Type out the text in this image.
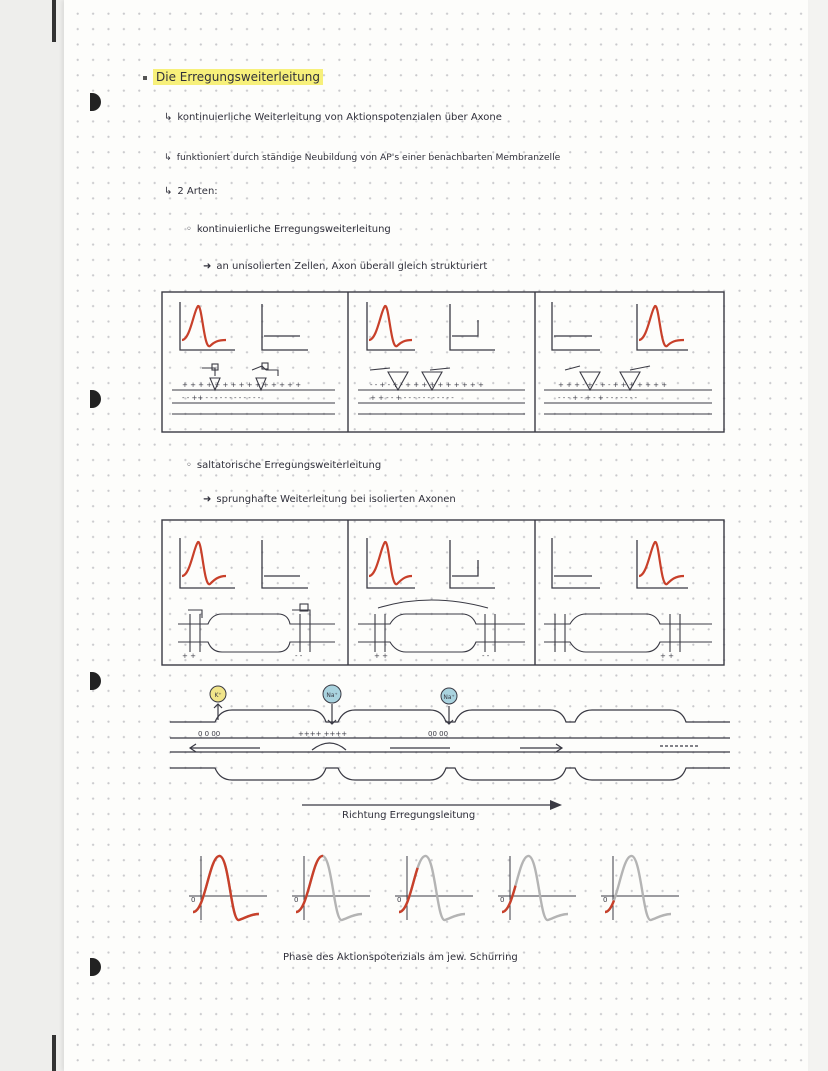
Die Erregungsweiterleitung
↳ kontinuierliche Weiterleitung von Aktionspotenzialen über Axone
↳ funktioniert durch ständige Neubildung von AP's einer benachbarten Membranzelle
↳ 2 Arten:
◦ kontinuierliche Erregungsweiterleitung
➜ an unisolierten Zellen, Axon überall gleich strukturiert
+ + + + + + + + + + + + + + +
- - ++ - - - - - - - - - - - -
- - + - + - + + + + + + + + + +
+ + - - + - - - - - - - - - - -
+ + + - + - + - + + + + + + +
- - - + - + - + - - - - - - -
◦ saltatorische Erregungsweiterleitung
➜ sprunghafte Weiterleitung bei isolierten Axonen
+ +	- -	+ +	- -	+ +
K⁺	Na⁺	Na⁺
0 0 00	++++ ++++	00 00
Richtung Erregungsleitung
0	0	0	0	0
Phase des Aktionspotenzials am jew. Schürring
